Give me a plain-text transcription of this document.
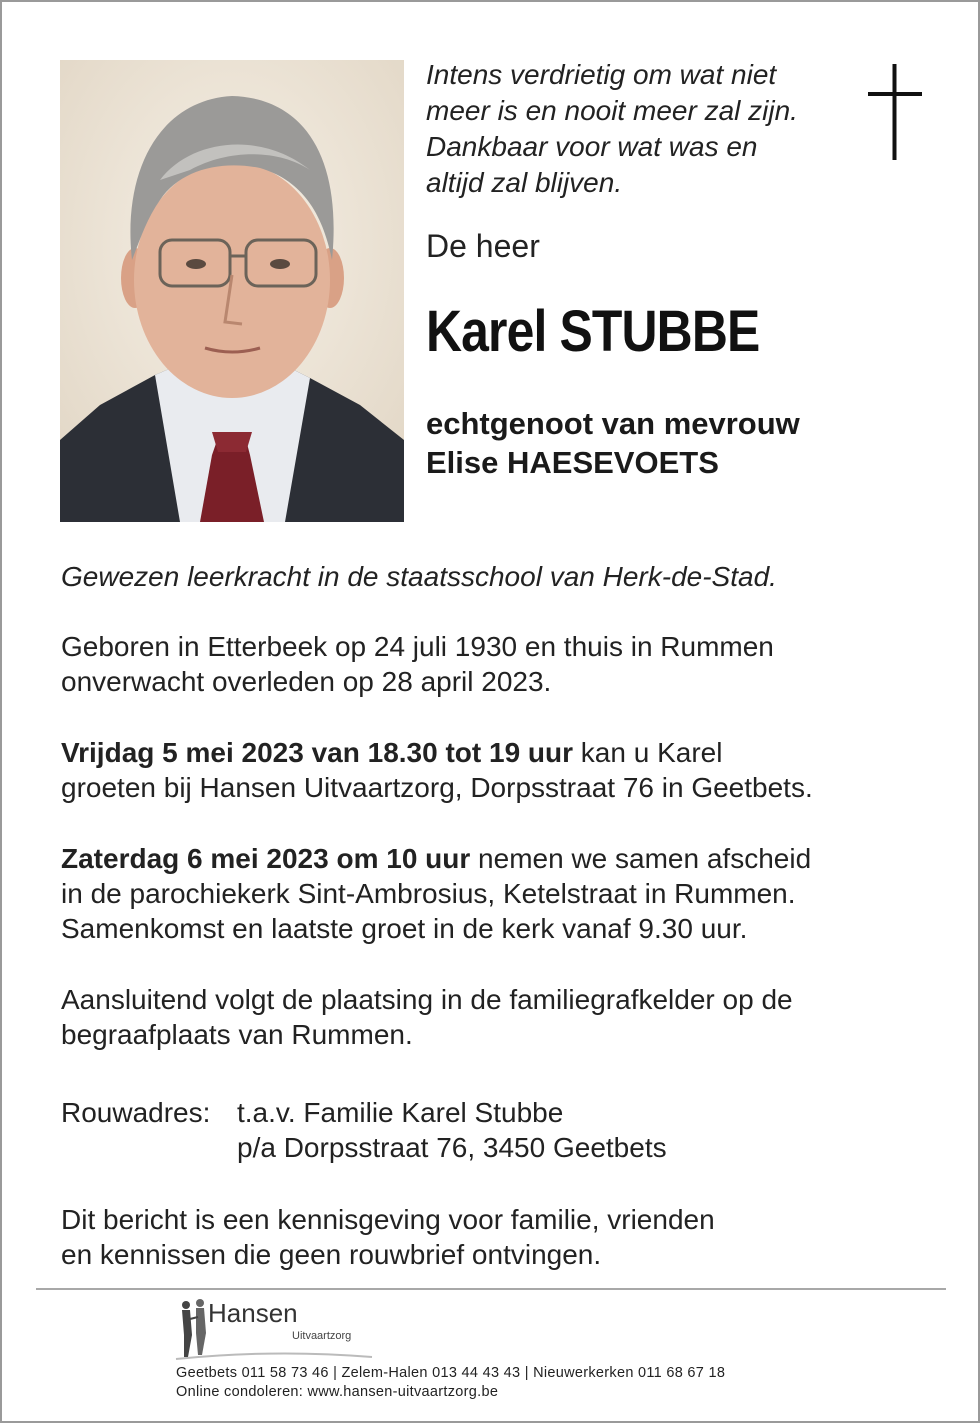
Intens verdrietig om wat niet
meer is en nooit meer zal zijn.
Dankbaar voor wat was en
altijd zal blijven.
De heer
Karel STUBBE
echtgenoot van mevrouw
Elise HAESEVOETS
Gewezen leerkracht in de staatsschool van Herk-de-Stad.
Geboren in Etterbeek op 24 juli 1930 en thuis in Rummen
onverwacht overleden op 28 april 2023.
Vrijdag 5 mei 2023 van 18.30 tot 19 uur kan u Karel
groeten bij Hansen Uitvaartzorg, Dorpsstraat 76 in Geetbets.
Zaterdag 6 mei 2023 om 10 uur nemen we samen afscheid
in de parochiekerk Sint-Ambrosius, Ketelstraat in Rummen.
Samenkomst en laatste groet in de kerk vanaf 9.30 uur.
Aansluitend volgt de plaatsing in de familiegrafkelder op de
begraafplaats van Rummen.
Rouwadres: t.a.v. Familie Karel Stubbe
p/a Dorpsstraat 76, 3450 Geetbets
Dit bericht is een kennisgeving voor familie, vrienden
en kennissen die geen rouwbrief ontvingen.
Hansen
Uitvaartzorg
Geetbets 011 58 73 46 | Zelem-Halen 013 44 43 43 | Nieuwerkerken 011 68 67 18
Online condoleren: www.hansen-uitvaartzorg.be
